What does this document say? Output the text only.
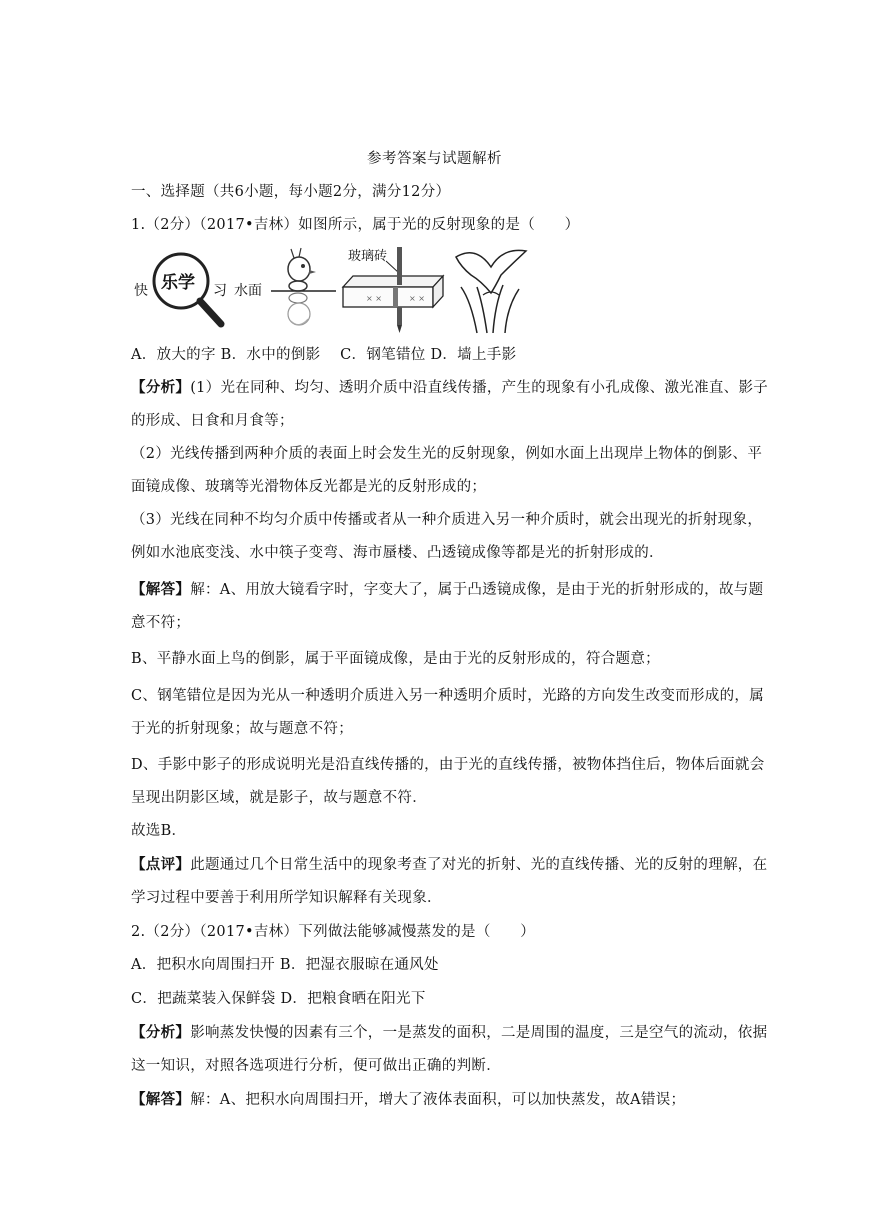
参考答案与试题解析
一、选择题（共6小题，每小题2分，满分12分）
1.（2分）（2017•吉林）如图所示，属于光的反射现象的是（　　）
快 乐学 习 水面
玻璃砖
× ×	× ×
A．放大的字 B．水中的倒影　 C．钢笔错位 D．墙上手影
【分析】(1）光在同种、均匀、透明介质中沿直线传播，产生的现象有小孔成像、激光准直、影子
的形成、日食和月食等；
（2）光线传播到两种介质的表面上时会发生光的反射现象，例如水面上出现岸上物体的倒影、平
面镜成像、玻璃等光滑物体反光都是光的反射形成的；
（3）光线在同种不均匀介质中传播或者从一种介质进入另一种介质时，就会出现光的折射现象，
例如水池底变浅、水中筷子变弯、海市蜃楼、凸透镜成像等都是光的折射形成的．
【解答】解：A、用放大镜看字时，字变大了，属于凸透镜成像，是由于光的折射形成的，故与题
意不符；
B、平静水面上鸟的倒影，属于平面镜成像，是由于光的反射形成的，符合题意；
C、钢笔错位是因为光从一种透明介质进入另一种透明介质时，光路的方向发生改变而形成的，属
于光的折射现象；故与题意不符；
D、手影中影子的形成说明光是沿直线传播的，由于光的直线传播，被物体挡住后，物体后面就会
呈现出阴影区域，就是影子，故与题意不符．
故选B．
【点评】此题通过几个日常生活中的现象考查了对光的折射、光的直线传播、光的反射的理解，在
学习过程中要善于利用所学知识解释有关现象．
2.（2分）（2017•吉林）下列做法能够减慢蒸发的是（　　）
A．把积水向周围扫开 B．把湿衣服晾在通风处
C．把蔬菜装入保鲜袋 D．把粮食晒在阳光下
【分析】影响蒸发快慢的因素有三个，一是蒸发的面积，二是周围的温度，三是空气的流动，依据
这一知识，对照各选项进行分析，便可做出正确的判断．
【解答】解：A、把积水向周围扫开，增大了液体表面积，可以加快蒸发，故A错误；
